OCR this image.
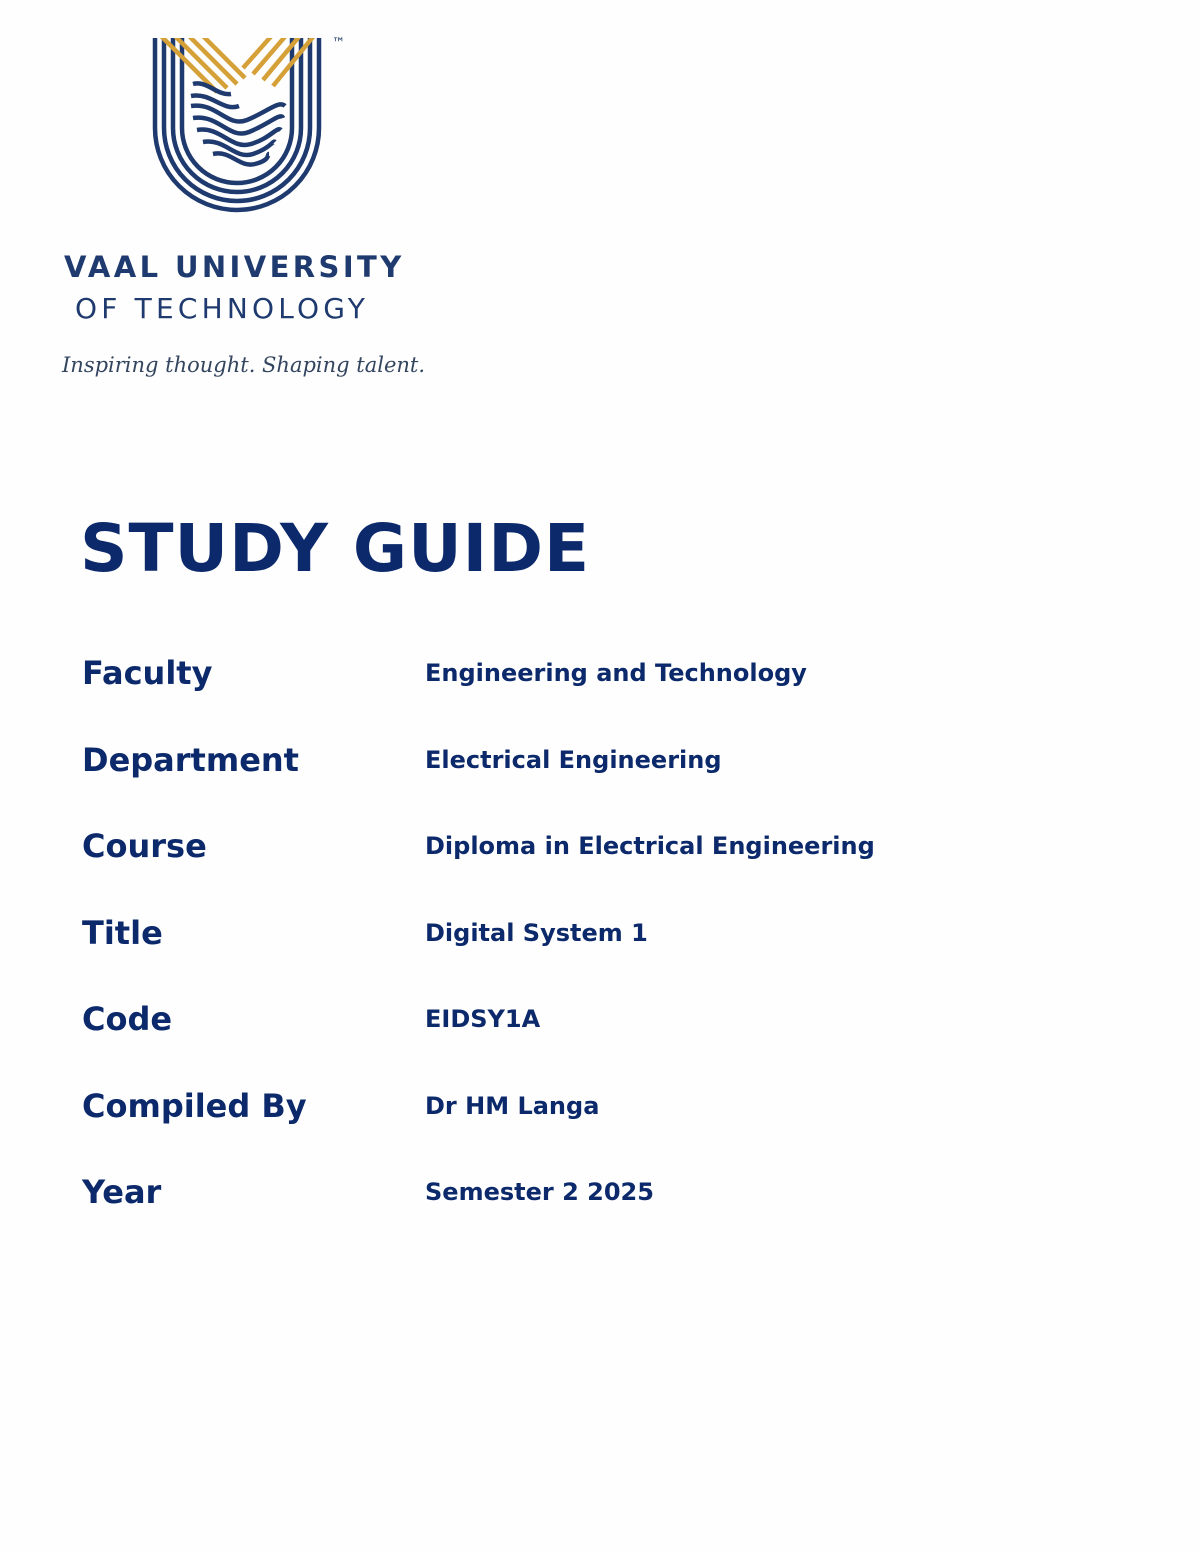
™
VAAL UNIVERSITY
OF TECHNOLOGY
Inspiring thought. Shaping talent.
STUDY GUIDE
Faculty	Engineering and Technology
Department	Electrical Engineering
Course	Diploma in Electrical Engineering
Title	Digital System 1
Code	EIDSY1A
Compiled By	Dr HM Langa
Year	Semester 2 2025
